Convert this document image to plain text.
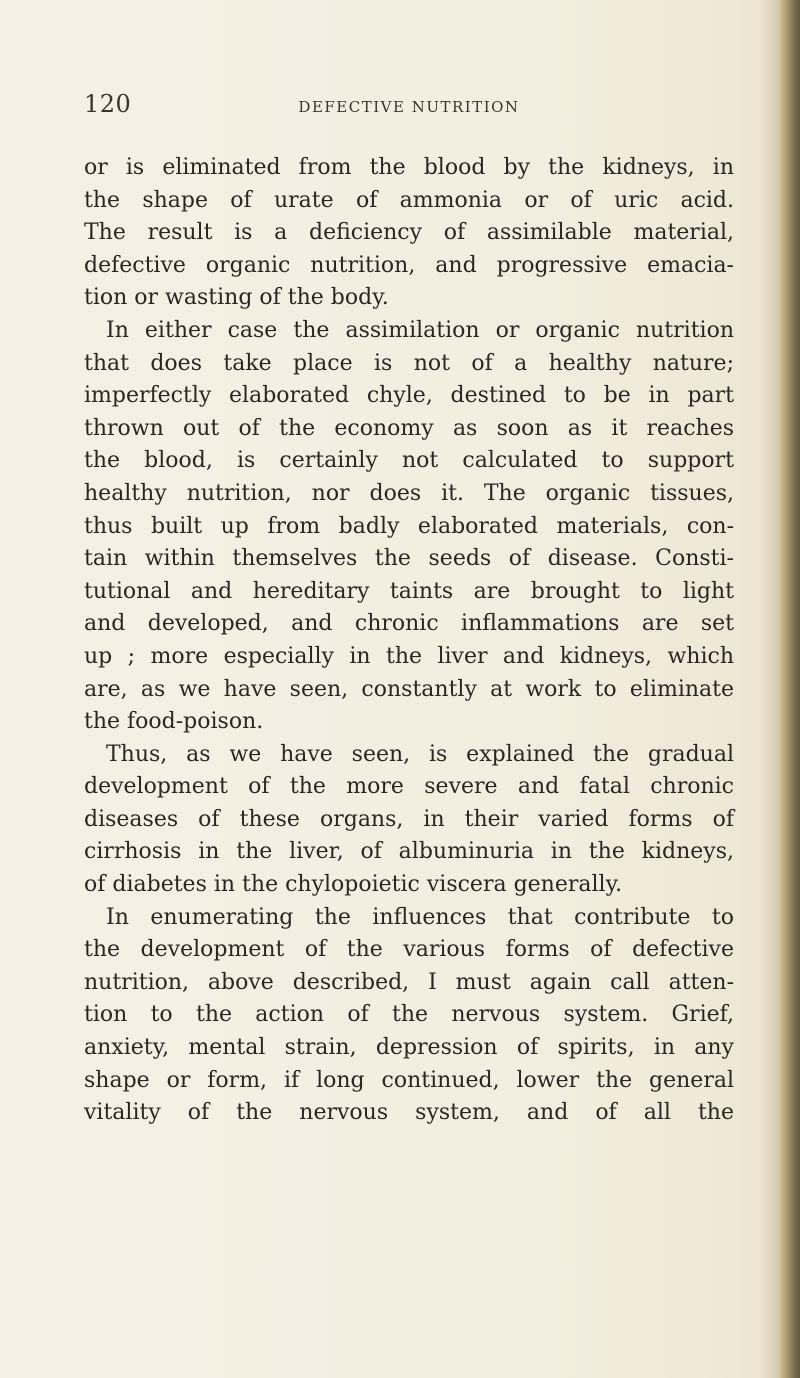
120	DEFECTIVE NUTRITION
or is eliminated from the blood by the kidneys, in
the shape of urate of ammonia or of uric acid.
The result is a deficiency of assimilable material,
defective organic nutrition, and progressive emacia-
tion or wasting of the body.
In either case the assimilation or organic nutrition
that does take place is not of a healthy nature;
imperfectly elaborated chyle, destined to be in part
thrown out of the economy as soon as it reaches
the blood, is certainly not calculated to support
healthy nutrition, nor does it. The organic tissues,
thus built up from badly elaborated materials, con-
tain within themselves the seeds of disease. Consti-
tutional and hereditary taints are brought to light
and developed, and chronic inflammations are set
up ; more especially in the liver and kidneys, which
are, as we have seen, constantly at work to eliminate
the food-poison.
Thus, as we have seen, is explained the gradual
development of the more severe and fatal chronic
diseases of these organs, in their varied forms of
cirrhosis in the liver, of albuminuria in the kidneys,
of diabetes in the chylopoietic viscera generally.
In enumerating the influences that contribute to
the development of the various forms of defective
nutrition, above described, I must again call atten-
tion to the action of the nervous system. Grief,
anxiety, mental strain, depression of spirits, in any
shape or form, if long continued, lower the general
vitality of the nervous system, and of all the
